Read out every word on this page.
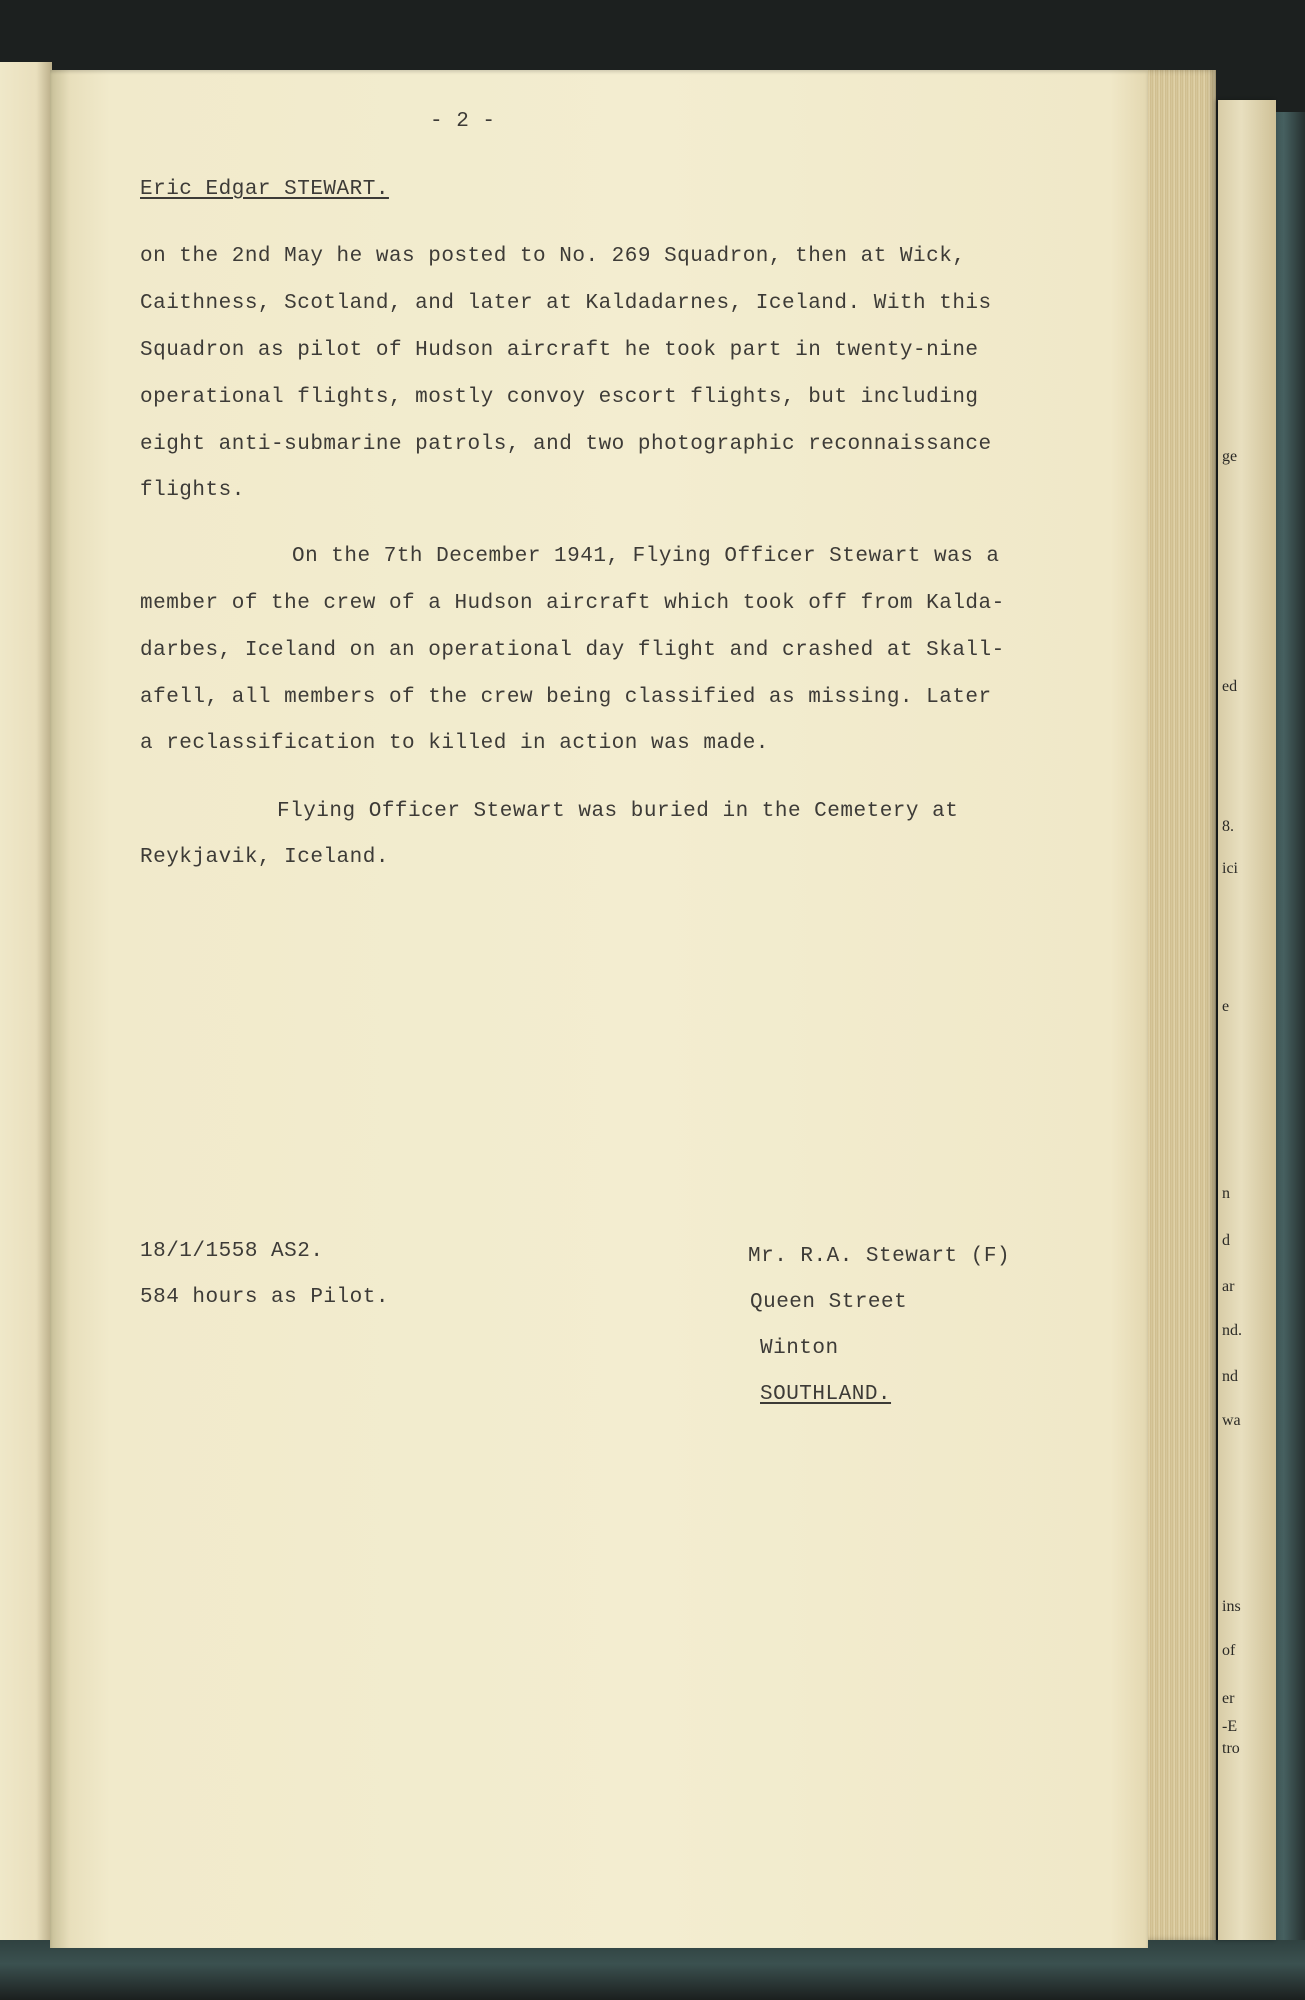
ge
ed
8.
ici
e
n
d
ar
nd.
nd
wa
ins
of
er
-E
tro
- 2 -
Eric Edgar STEWART.
on the 2nd May he was posted to No. 269 Squadron, then at Wick,
Caithness, Scotland, and later at Kaldadarnes, Iceland. With this
Squadron as pilot of Hudson aircraft he took part in twenty-nine
operational flights, mostly convoy escort flights, but including
eight anti-submarine patrols, and two photographic reconnaissance
flights.
On the 7th December 1941, Flying Officer Stewart was a
member of the crew of a Hudson aircraft which took off from Kalda-
darbes, Iceland on an operational day flight and crashed at Skall-
afell, all members of the crew being classified as missing. Later
a reclassification to killed in action was made.
Flying Officer Stewart was buried in the Cemetery at
Reykjavik, Iceland.
18/1/1558 AS2.
584 hours as Pilot.
Mr. R.A. Stewart (F)
Queen Street
Winton
SOUTHLAND.
